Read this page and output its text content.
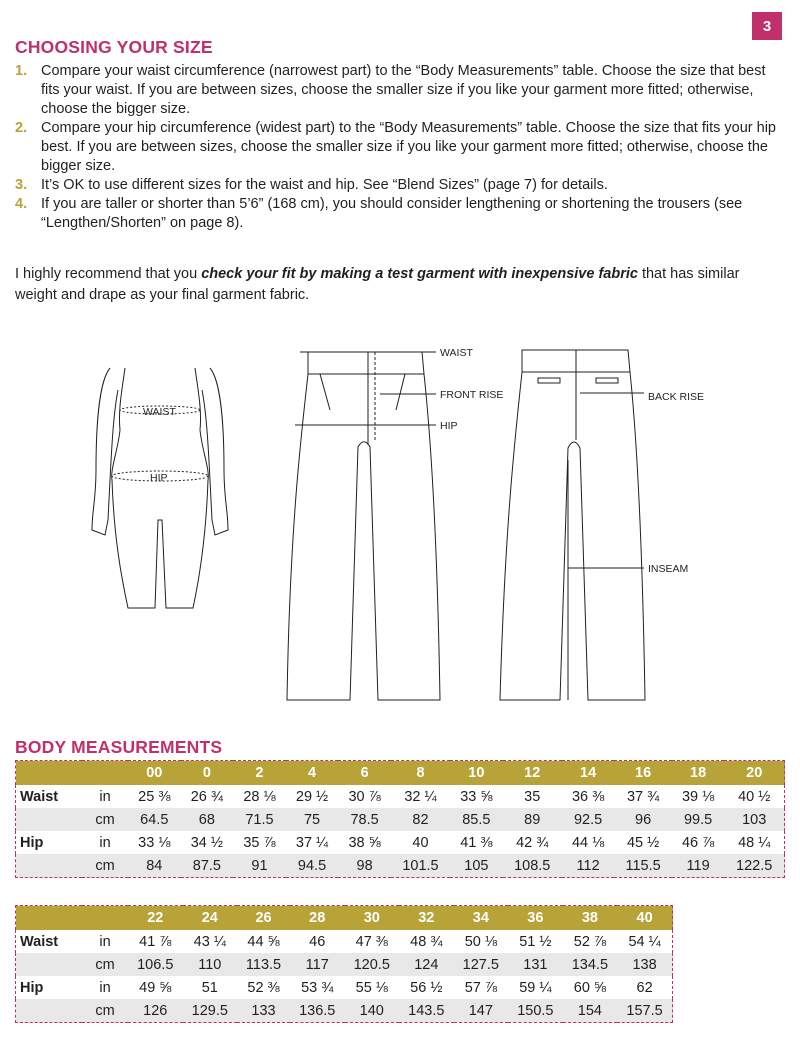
3
CHOOSING YOUR SIZE
1. Compare your waist circumference (narrowest part) to the “Body Measurements” table. Choose the size that best fits your waist. If you are between sizes, choose the smaller size if you like your garment more fitted; otherwise, choose the bigger size.
2. Compare your hip circumference (widest part) to the “Body Measurements” table. Choose the size that fits your hip best. If you are between sizes, choose the smaller size if you like your garment more fitted; otherwise, choose the bigger size.
3. It’s OK to use different sizes for the waist and hip. See “Blend Sizes” (page 7) for details.
4. If you are taller or shorter than 5’6” (168 cm), you should consider lengthening or shortening the trousers (see “Lengthen/Shorten” on page 8).

I highly recommend that you check your fit by making a test garment with inexpensive fabric that has similar weight and drape as your final garment fabric.

WAIST
HIP
WAIST
FRONT RISE
HIP
BACK RISE
INSEAM
BODY MEASUREMENTS
		00	0	2	4	6	8	10	12	14	16	18	20
Waist	in	25 ⅜	26 ¾	28 ⅛	29 ½	30 ⅞	32 ¼	33 ⅝	35	36 ⅜	37 ¾	39 ⅛	40 ½
	cm	64.5	68	71.5	75	78.5	82	85.5	89	92.5	96	99.5	103
Hip	in	33 ⅛	34 ½	35 ⅞	37 ¼	38 ⅝	40	41 ⅜	42 ¾	44 ⅛	45 ½	46 ⅞	48 ¼
	cm	84	87.5	91	94.5	98	101.5	105	108.5	112	115.5	119	122.5
		22	24	26	28	30	32	34	36	38	40
Waist	in	41 ⅞	43 ¼	44 ⅝	46	47 ⅜	48 ¾	50 ⅛	51 ½	52 ⅞	54 ¼
	cm	106.5	110	113.5	117	120.5	124	127.5	131	134.5	138
Hip	in	49 ⅝	51	52 ⅜	53 ¾	55 ⅛	56 ½	57 ⅞	59 ¼	60 ⅝	62
	cm	126	129.5	133	136.5	140	143.5	147	150.5	154	157.5
